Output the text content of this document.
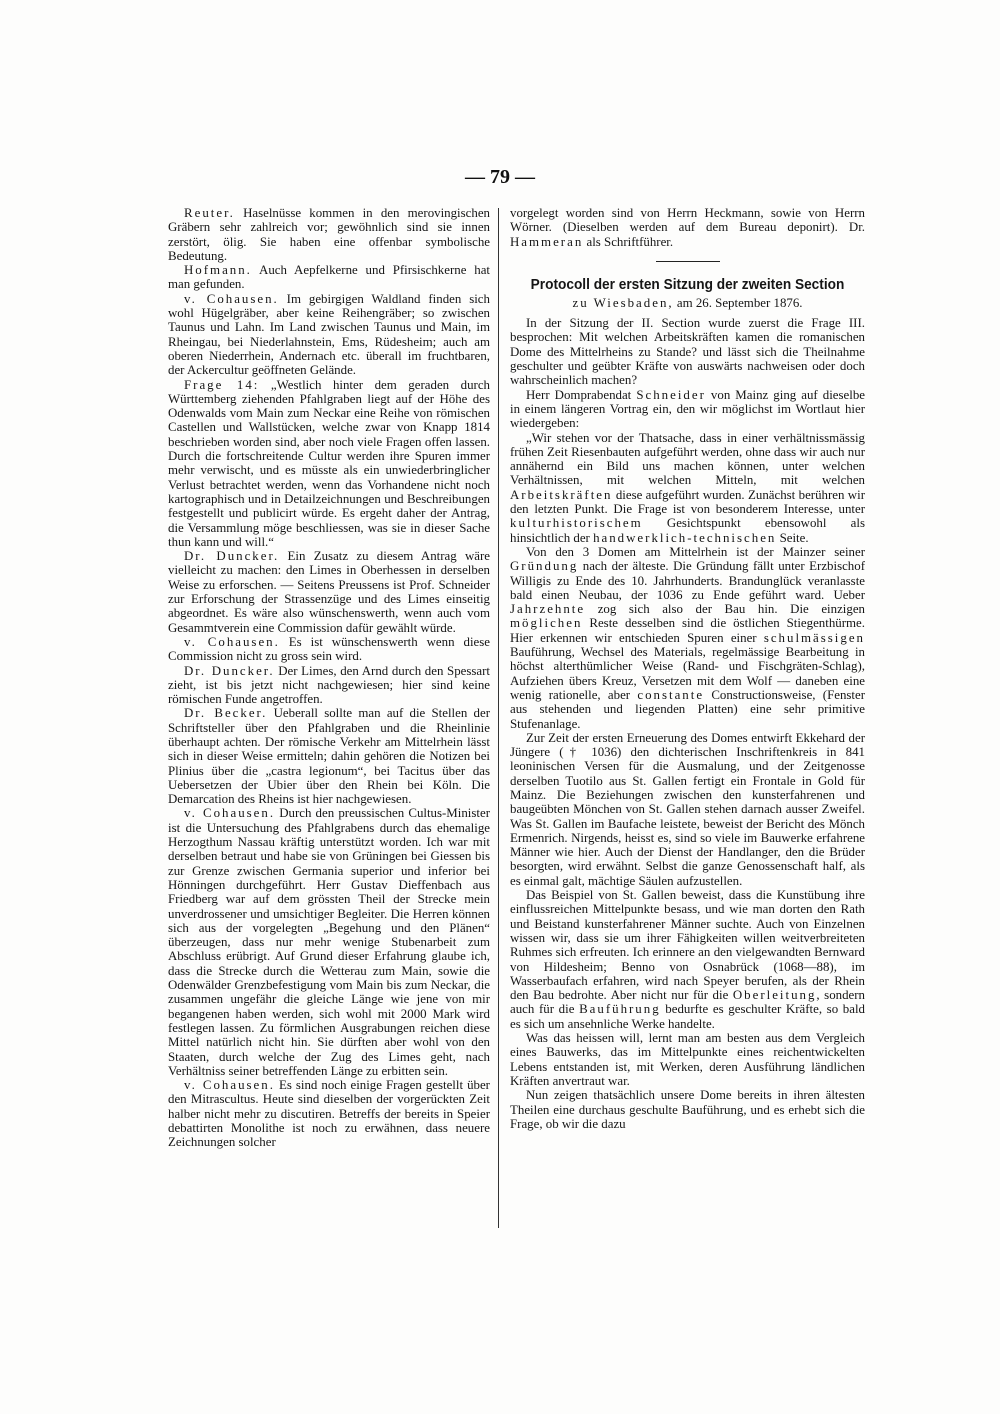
— 79 —

Reuter. Haselnüsse kommen in den merovingischen Gräbern sehr zahlreich vor; gewöhnlich sind sie innen zerstört, ölig. Sie haben eine offenbar symbolische Bedeutung.

Hofmann. Auch Aepfelkerne und Pfirsischkerne hat man gefunden.

v. Cohausen. Im gebirgigen Waldland finden sich wohl Hügelgräber, aber keine Reihengräber; so zwischen Taunus und Lahn. Im Land zwischen Taunus und Main, im Rheingau, bei Niederlahnstein, Ems, Rüdesheim; auch am oberen Niederrhein, Andernach etc. überall im fruchtbaren, der Ackercultur geöffneten Gelände.

Frage 14: „Westlich hinter dem geraden durch Württemberg ziehenden Pfahlgraben liegt auf der Höhe des Odenwalds vom Main zum Neckar eine Reihe von römischen Castellen und Wallstücken, welche zwar von Knapp 1814 beschrieben worden sind, aber noch viele Fragen offen lassen. Durch die fortschreitende Cultur werden ihre Spuren immer mehr verwischt, und es müsste als ein unwiederbringlicher Verlust betrachtet werden, wenn das Vorhandene nicht noch kartographisch und in Detailzeichnungen und Beschreibungen festgestellt und publicirt würde. Es ergeht daher der Antrag, die Versammlung möge beschliessen, was sie in dieser Sache thun kann und will.“

Dr. Duncker. Ein Zusatz zu diesem Antrag wäre vielleicht zu machen: den Limes in Oberhessen in derselben Weise zu erforschen. — Seitens Preussens ist Prof. Schneider zur Erforschung der Strassenzüge und des Limes einseitig abgeordnet. Es wäre also wünschenswerth, wenn auch vom Gesammtverein eine Commission dafür gewählt würde.

v. Cohausen. Es ist wünschenswerth wenn diese Commission nicht zu gross sein wird.

Dr. Duncker. Der Limes, den Arnd durch den Spessart zieht, ist bis jetzt nicht nachgewiesen; hier sind keine römischen Funde angetroffen.

Dr. Becker. Ueberall sollte man auf die Stellen der Schriftsteller über den Pfahlgraben und die Rheinlinie überhaupt achten. Der römische Verkehr am Mittelrhein lässt sich in dieser Weise ermitteln; dahin gehören die Notizen bei Plinius über die „castra legionum“, bei Tacitus über das Uebersetzen der Ubier über den Rhein bei Köln. Die Demarcation des Rheins ist hier nachgewiesen.

v. Cohausen. Durch den preussischen Cultus-Minister ist die Untersuchung des Pfahlgrabens durch das ehemalige Herzogthum Nassau kräftig unterstützt worden. Ich war mit derselben betraut und habe sie von Grüningen bei Giessen bis zur Grenze zwischen Germania superior und inferior bei Hönningen durchgeführt. Herr Gustav Dieffenbach aus Friedberg war auf dem grössten Theil der Strecke mein unverdrossener und umsichtiger Begleiter. Die Herren können sich aus der vorgelegten „Begehung und den Plänen“ überzeugen, dass nur mehr wenige Stubenarbeit zum Abschluss erübrigt. Auf Grund dieser Erfahrung glaube ich, dass die Strecke durch die Wetterau zum Main, sowie die Odenwälder Grenzbefestigung vom Main bis zum Neckar, die zusammen ungefähr die gleiche Länge wie jene von mir begangenen haben werden, sich wohl mit 2000 Mark wird festlegen lassen. Zu förmlichen Ausgrabungen reichen diese Mittel natürlich nicht hin. Sie dürften aber wohl von den Staaten, durch welche der Zug des Limes geht, nach Verhältniss seiner betreffenden Länge zu erbitten sein.

v. Cohausen. Es sind noch einige Fragen gestellt über den Mitrascultus. Heute sind dieselben der vorgerückten Zeit halber nicht mehr zu discutiren. Betreffs der bereits in Speier debattirten Monolithe ist noch zu erwähnen, dass neuere Zeichnungen solcher

vorgelegt worden sind von Herrn Heckmann, sowie von Herrn Wörner. (Dieselben werden auf dem Bureau deponirt). Dr. Hammeran als Schriftführer.

Protocoll der ersten Sitzung der zweiten Section
zu Wiesbaden, am 26. September 1876.

In der Sitzung der II. Section wurde zuerst die Frage III. besprochen: Mit welchen Arbeitskräften kamen die romanischen Dome des Mittelrheins zu Stande? und lässt sich die Theilnahme geschulter und geübter Kräfte von auswärts nachweisen oder doch wahrscheinlich machen?

Herr Domprabendat Schneider von Mainz ging auf dieselbe in einem längeren Vortrag ein, den wir möglichst im Wortlaut hier wiedergeben:

„Wir stehen vor der Thatsache, dass in einer verhältnissmässig frühen Zeit Riesenbauten aufgeführt werden, ohne dass wir auch nur annähernd ein Bild uns machen können, unter welchen Verhältnissen, mit welchen Mitteln, mit welchen Arbeitskräften diese aufgeführt wurden. Zunächst berühren wir den letzten Punkt. Die Frage ist von besonderem Interesse, unter kulturhistorischem Gesichtspunkt ebensowohl als hinsichtlich der handwerklich-technischen Seite.

Von den 3 Domen am Mittelrhein ist der Mainzer seiner Gründung nach der älteste. Die Gründung fällt unter Erzbischof Willigis zu Ende des 10. Jahrhunderts. Brandunglück veranlasste bald einen Neubau, der 1036 zu Ende geführt ward. Ueber Jahrzehnte zog sich also der Bau hin. Die einzigen möglichen Reste desselben sind die östlichen Stiegenthürme. Hier erkennen wir entschieden Spuren einer schulmässigen Bauführung, Wechsel des Materials, regelmässige Bearbeitung in höchst alterthümlicher Weise (Rand- und Fischgräten-Schlag), Aufziehen übers Kreuz, Versetzen mit dem Wolf — daneben eine wenig rationelle, aber constante Constructionsweise, (Fenster aus stehenden und liegenden Platten) eine sehr primitive Stufenanlage.

Zur Zeit der ersten Erneuerung des Domes entwirft Ekkehard der Jüngere († 1036) den dichterischen Inschriftenkreis in 841 leoninischen Versen für die Ausmalung, und der Zeitgenosse derselben Tuotilo aus St. Gallen fertigt ein Frontale in Gold für Mainz. Die Beziehungen zwischen den kunsterfahrenen und baugeübten Mönchen von St. Gallen stehen darnach ausser Zweifel. Was St. Gallen im Baufache leistete, beweist der Bericht des Mönch Ermenrich. Nirgends, heisst es, sind so viele im Bauwerke erfahrene Männer wie hier. Auch der Dienst der Handlanger, den die Brüder besorgten, wird erwähnt. Selbst die ganze Genossenschaft half, als es einmal galt, mächtige Säulen aufzustellen.

Das Beispiel von St. Gallen beweist, dass die Kunstübung ihre einflussreichen Mittelpunkte besass, und wie man dorten den Rath und Beistand kunsterfahrener Männer suchte. Auch von Einzelnen wissen wir, dass sie um ihrer Fähigkeiten willen weitverbreiteten Ruhmes sich erfreuten. Ich erinnere an den vielgewandten Bernward von Hildesheim; Benno von Osnabrück (1068—88), im Wasserbaufach erfahren, wird nach Speyer berufen, als der Rhein den Bau bedrohte. Aber nicht nur für die Oberleitung, sondern auch für die Bauführung bedurfte es geschulter Kräfte, so bald es sich um ansehnliche Werke handelte.

Was das heissen will, lernt man am besten aus dem Vergleich eines Bauwerks, das im Mittelpunkte eines reichentwickelten Lebens entstanden ist, mit Werken, deren Ausführung ländlichen Kräften anvertraut war.

Nun zeigen thatsächlich unsere Dome bereits in ihren ältesten Theilen eine durchaus geschulte Bauführung, und es erhebt sich die Frage, ob wir die dazu
